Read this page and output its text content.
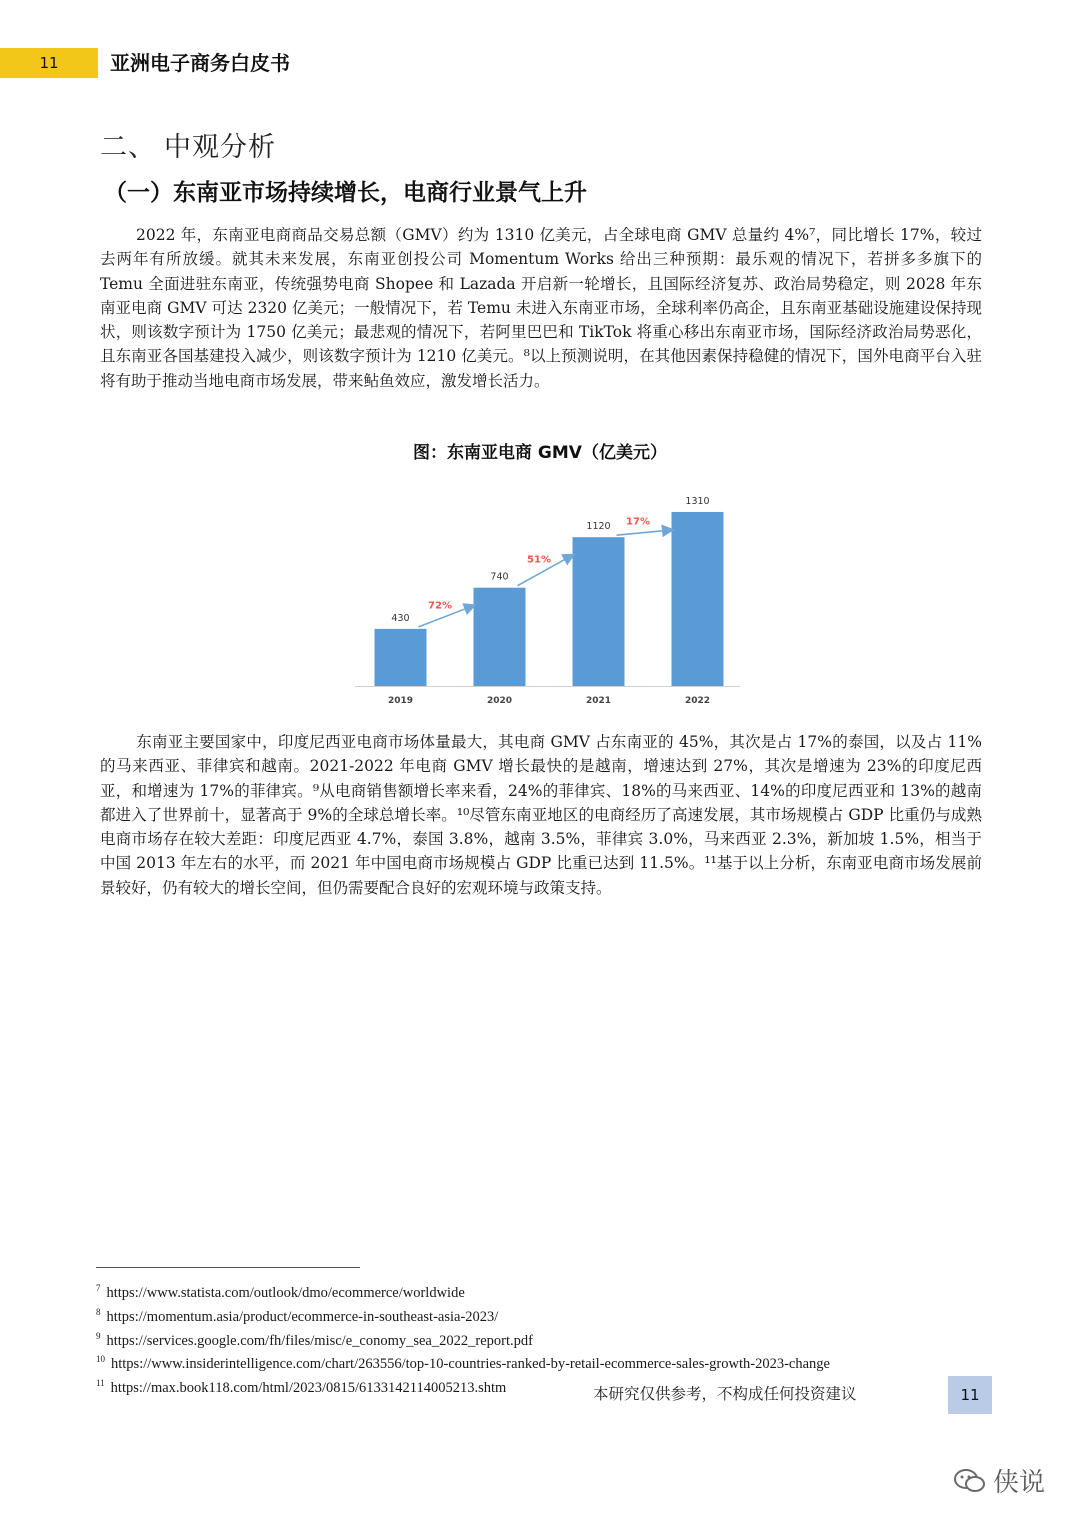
11	亚洲电子商务白皮书
二、 中观分析
（一）东南亚市场持续增长，电商行业景气上升

2022 年，东南亚电商商品交易总额（GMV）约为 1310 亿美元，占全球电商 GMV 总量约 4%⁷，同比增长 17%，较过去两年有所放缓。就其未来发展，东南亚创投公司 Momentum Works 给出三种预期：最乐观的情况下，若拼多多旗下的 Temu 全面进驻东南亚，传统强势电商 Shopee 和 Lazada 开启新一轮增长，且国际经济复苏、政治局势稳定，则 2028 年东南亚电商 GMV 可达 2320 亿美元；一般情况下，若 Temu 未进入东南亚市场，全球利率仍高企，且东南亚基础设施建设保持现状，则该数字预计为 1750 亿美元；最悲观的情况下，若阿里巴巴和 TikTok 将重心移出东南亚市场，国际经济政治局势恶化，且东南亚各国基建投入减少，则该数字预计为 1210 亿美元。⁸以上预测说明，在其他因素保持稳健的情况下，国外电商平台入驻将有助于推动当地电商市场发展，带来鲇鱼效应，激发增长活力。

图：东南亚电商 GMV（亿美元）
430
2019
740
2020
1120
2021
1310
2022
72%
51%
17%

东南亚主要国家中，印度尼西亚电商市场体量最大，其电商 GMV 占东南亚的 45%，其次是占 17%的泰国，以及占 11%的马来西亚、菲律宾和越南。2021-2022 年电商 GMV 增长最快的是越南，增速达到 27%，其次是增速为 23%的印度尼西亚，和增速为 17%的菲律宾。⁹从电商销售额增长率来看，24%的菲律宾、18%的马来西亚、14%的印度尼西亚和 13%的越南都进入了世界前十，显著高于 9%的全球总增长率。¹⁰尽管东南亚地区的电商经历了高速发展，其市场规模占 GDP 比重仍与成熟电商市场存在较大差距：印度尼西亚 4.7%，泰国 3.8%，越南 3.5%，菲律宾 3.0%，马来西亚 2.3%，新加坡 1.5%，相当于中国 2013 年左右的水平，而 2021 年中国电商市场规模占 GDP 比重已达到 11.5%。¹¹基于以上分析，东南亚电商市场发展前景较好，仍有较大的增长空间，但仍需要配合良好的宏观环境与政策支持。

$^7$ https://www.statista.com/outlook/dmo/ecommerce/worldwide
$^8$ https://momentum.asia/product/ecommerce-in-southeast-asia-2023/
$^9$ https://services.google.com/fh/files/misc/e_conomy_sea_2022_report.pdf
$^{10}$ https://www.insiderintelligence.com/chart/263556/top-10-countries-ranked-by-retail-ecommerce-sales-growth-2023-change
$^{11}$ https://max.book118.com/html/2023/0815/6133142114005213.shtm	本研究仅供参考，不构成任何投资建议	11
侠说
